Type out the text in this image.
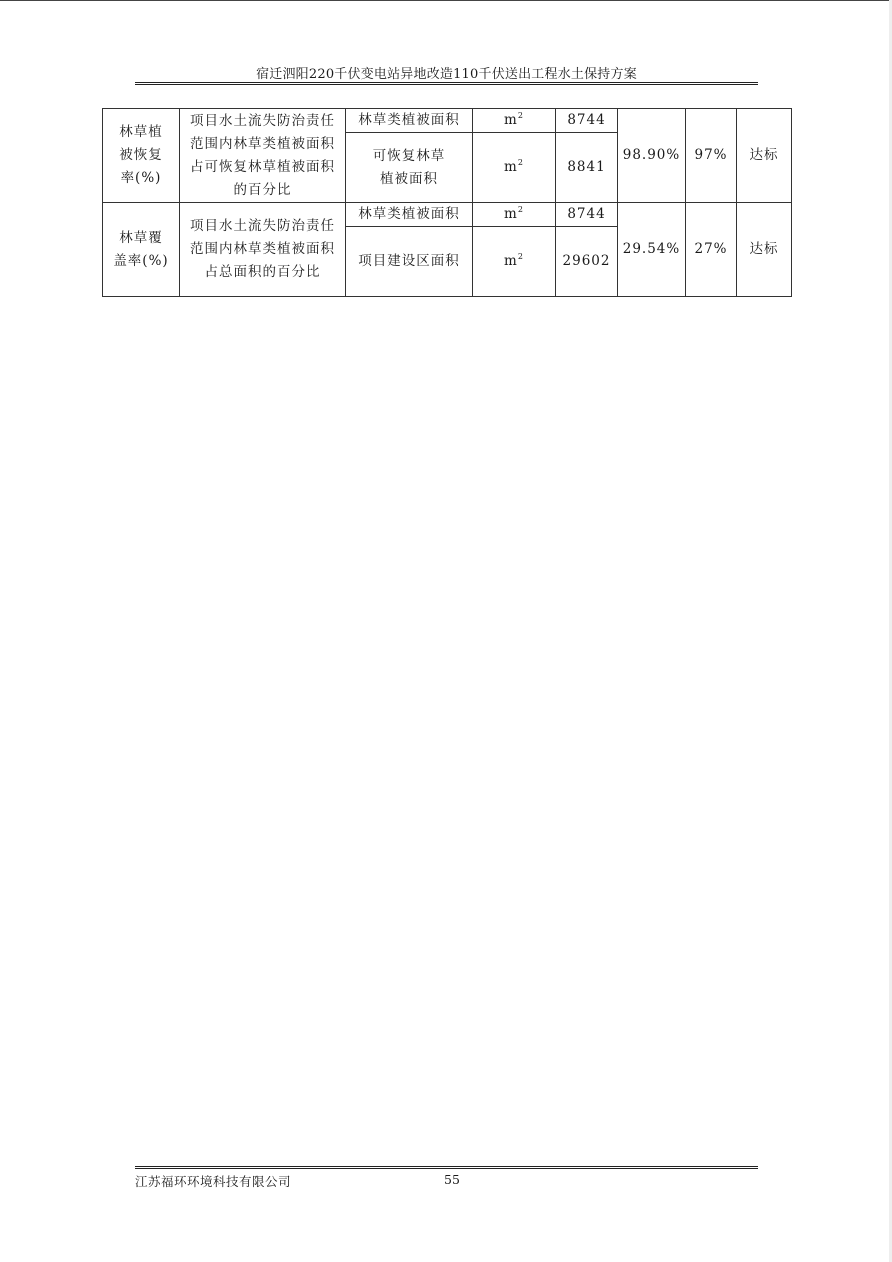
宿迁泗阳220千伏变电站异地改造110千伏送出工程水土保持方案
林草植
被恢复
率(%)	项目水土流失防治责任范围内林草类植被面积占可恢复林草植被面积的百分比	林草类植被面积	$m^2$	8744	98.90%	97%	达标

		可恢复林草
植被面积	$m^2$	8841			

林草覆
盖率(%)	项目水土流失防治责任范围内林草类植被面积占总面积的百分比	林草类植被面积	$m^2$	8744	29.54%	27%	达标
		项目建设区面积	$m^2$	29602			
江苏福环环境科技有限公司	55
